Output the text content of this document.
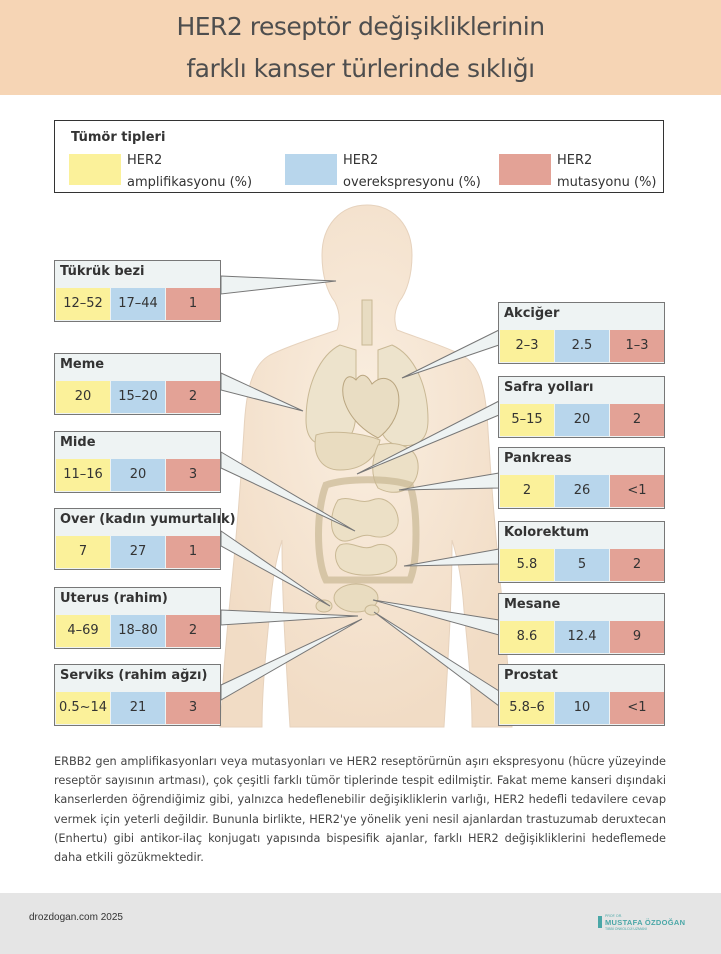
HER2 reseptör değişikliklerinin
farklı kanser türlerinde sıklığı
Tümör tipleri
HER2
amplifikasyonu (%)
HER2
overekspresyonu (%)
HER2
mutasyonu (%)
Tükrük bezi
12–52	17–44	1
Meme
20	15–20	2
Mide
11–16	20	3
Over (kadın yumurtalık)
7	27	1
Uterus (rahim)
4–69	18–80	2
Serviks (rahim ağzı)
0.5~14	21	3
Akciğer
2–3	2.5	1–3
Safra yolları
5–15	20	2
Pankreas
2	26	<1
Kolorektum
5.8	5	2
Mesane
8.6	12.4	9
Prostat
5.8–6	10	<1
ERBB2 gen amplifikasyonları veya mutasyonları ve HER2 reseptörürnün aşırı ekspresyonu (hücre yüzeyinde reseptör sayısının artması), çok çeşitli farklı tümör tiplerinde tespit edilmiştir. Fakat meme kanseri dışındaki kanserlerden öğrendiğimiz gibi, yalnızca hedeflenebilir değişikliklerin varlığı, HER2 hedefli tedavilere cevap vermek için yeterli değildir. Bununla birlikte, HER2'ye yönelik yeni nesil ajanlardan trastuzumab deruxtecan (Enhertu) gibi antikor-ilaç konjugatı yapısında bispesifik ajanlar, farklı HER2 değişikliklerini hedeflemede daha etkili gözükmektedir.
drozdogan.com 2025	PROF. DR.
MUSTAFA ÖZDOĞAN
TIBBİ ONKOLOJİ UZMANI
